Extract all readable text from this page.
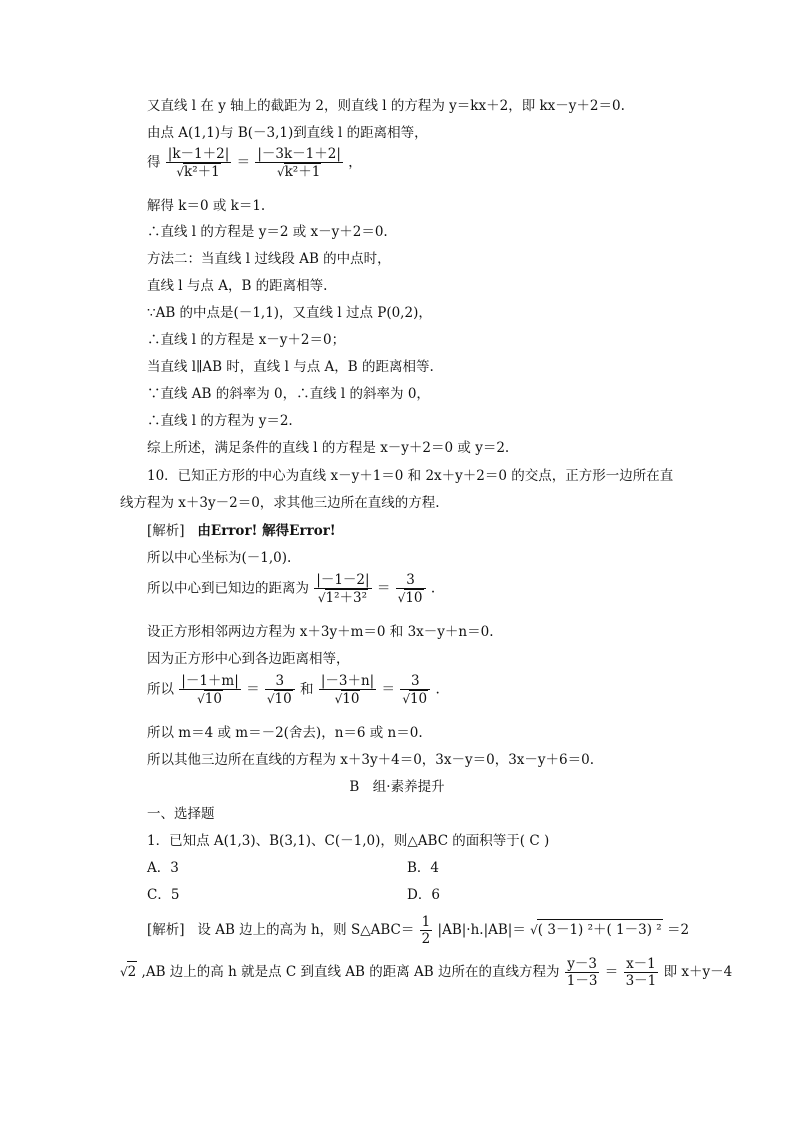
又直线 l 在 y 轴上的截距为 2，则直线 l 的方程为 y＝kx＋2，即 kx－y＋2＝0.
由点 A(1,1)与 B(－3,1)到直线 l 的距离相等，
得 $\frac{|k-1+2|}{\text{√k²＋1}} = \frac{|-3k-1+2|}{\text{√k²＋1}}$ ，
解得 k＝0 或 k＝1.
∴直线 l 的方程是 y＝2 或 x－y＋2＝0.
方法二：当直线 l 过线段 AB 的中点时，
直线 l 与点 A，B 的距离相等.
∵AB 的中点是(－1,1)，又直线 l 过点 P(0,2)，
∴直线 l 的方程是 x－y＋2＝0；
当直线 l∥AB 时，直线 l 与点 A，B 的距离相等.
∵直线 AB 的斜率为 0，∴直线 l 的斜率为 0，
∴直线 l 的方程为 y＝2.
综上所述，满足条件的直线 l 的方程是 x－y＋2＝0 或 y＝2.
10．已知正方形的中心为直线 x－y＋1＝0 和 2x＋y＋2＝0 的交点，正方形一边所在直
线方程为 x＋3y－2＝0，求其他三边所在直线的方程.
[解析] 由Error! 解得Error!
所以中心坐标为(－1,0).
所以中心到已知边的距离为 $\frac{|-1-2|}{\text{√1²＋3²}} = \frac{3}{√10}$ .
设正方形相邻两边方程为 x＋3y＋m＝0 和 3x－y＋n＝0.
因为正方形中心到各边距离相等，
所以 $\frac{|-1+m|}{√10} = \frac{3}{√10}$ 和 $\frac{|-3+n|}{√10} = \frac{3}{√10}$ .
所以 m＝4 或 m＝－2(舍去)，n＝6 或 n＝0.
所以其他三边所在直线的方程为 x＋3y＋4＝0，3x－y＝0，3x－y＋6＝0.
B　组·素养提升
一、选择题
1．已知点 A(1,3)、B(3,1)、C(－1,0)，则△ABC 的面积等于( C )
A．3	B．4
C．5	D．6
[解析] 设 AB 边上的高为 h，则 S△ABC＝ $\frac{1}{2} |AB|\cdot h.|AB|=$ √( 3－1) ²＋( 1－3) ² ＝2
√2 ,AB 边上的高 h 就是点 C 到直线 AB 的距离 AB 边所在的直线方程为 $\frac{y-3}{1-3} = \frac{x-1}{3-1}$ 即 x＋y－4
